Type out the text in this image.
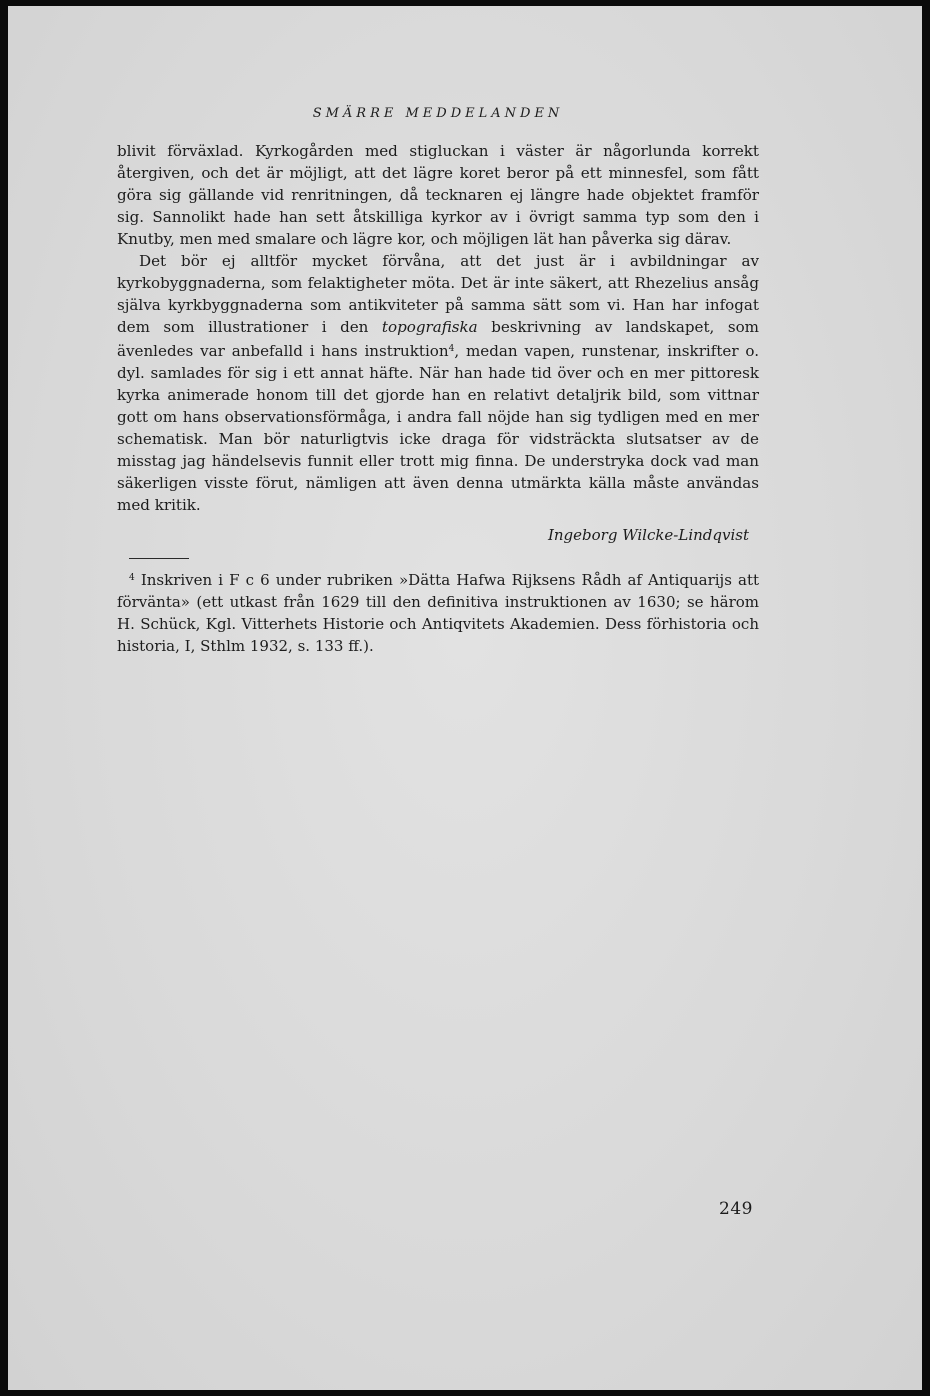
SMÄRRE MEDDELANDEN

blivit förväxlad. Kyrkogården med stigluckan i väster är någorlunda korrekt återgiven, och det är möjligt, att det lägre koret beror på ett minnesfel, som fått göra sig gällande vid renritningen, då tecknaren ej längre hade objektet framför sig. Sannolikt hade han sett åtskilliga kyrkor av i övrigt samma typ som den i Knutby, men med smalare och lägre kor, och möjligen lät han påverka sig därav.

Det bör ej alltför mycket förvåna, att det just är i avbildningar av kyrkobyggnaderna, som felaktigheter möta. Det är inte säkert, att Rhezelius ansåg själva kyrkbyggnaderna som antikviteter på samma sätt som vi. Han har infogat dem som illustrationer i den topografiska beskrivning av landskapet, som ävenledes var anbefalld i hans instruktion$^4$, medan vapen, runstenar, inskrifter o. dyl. samlades för sig i ett annat häfte. När han hade tid över och en mer pittoresk kyrka animerade honom till det gjorde han en relativt detaljrik bild, som vittnar gott om hans observationsförmåga, i andra fall nöjde han sig tydligen med en mer schematisk. Man bör naturligtvis icke draga för vidsträckta slutsatser av de misstag jag händelsevis funnit eller trott mig finna. De understryka dock vad man säkerligen visste förut, nämligen att även denna utmärkta källa måste användas med kritik.

Ingeborg Wilcke-Lindqvist

$^4$ Inskriven i F c 6 under rubriken »Dätta Hafwa Rijksens Rådh af Antiquarijs att förvänta» (ett utkast från 1629 till den definitiva instruktionen av 1630; se härom H. Schück, Kgl. Vitterhets Historie och Antiqvitets Akademien. Dess förhistoria och historia, I, Sthlm 1932, s. 133 ff.).

249
